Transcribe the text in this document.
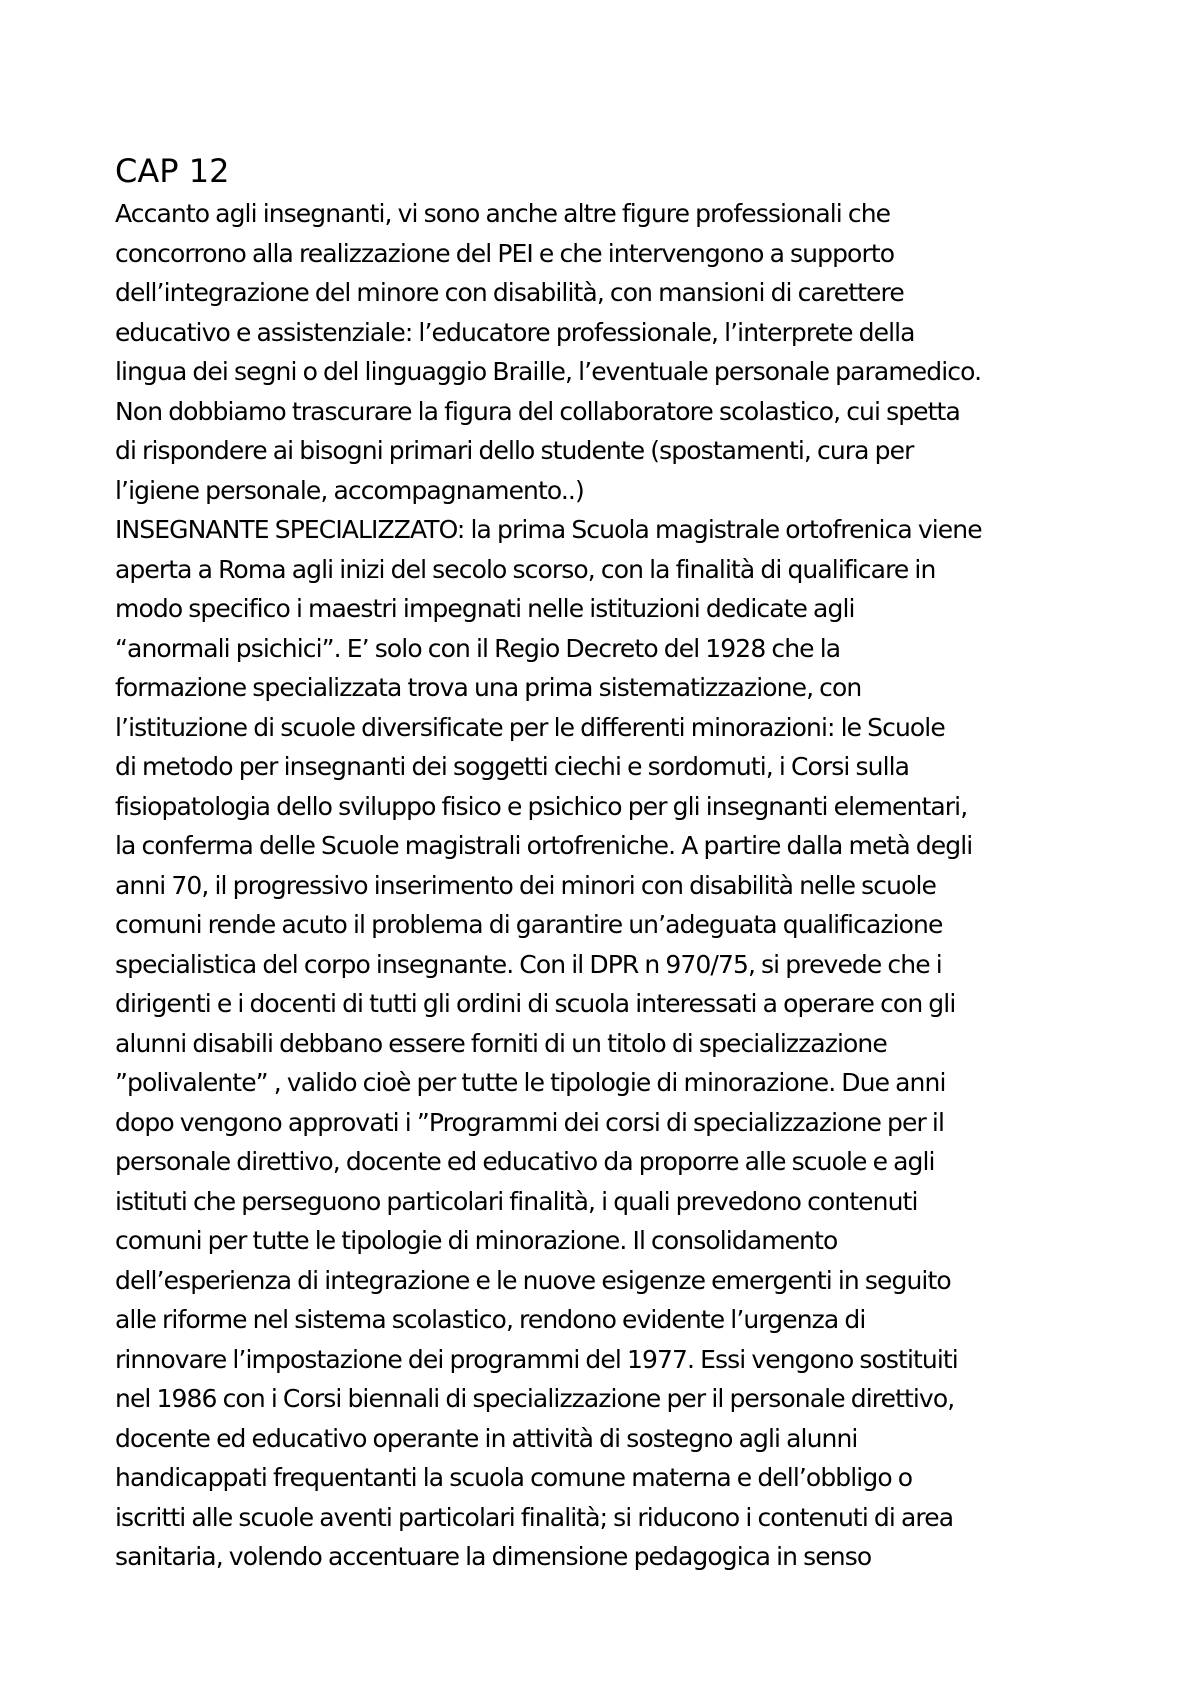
CAP 12
Accanto agli insegnanti, vi sono anche altre figure professionali che
concorrono alla realizzazione del PEI e che intervengono a supporto
dell’integrazione del minore con disabilità, con mansioni di carettere
educativo e assistenziale: l’educatore professionale, l’interprete della
lingua dei segni o del linguaggio Braille, l’eventuale personale paramedico.
Non dobbiamo trascurare la figura del collaboratore scolastico, cui spetta
di rispondere ai bisogni primari dello studente (spostamenti, cura per
l’igiene personale, accompagnamento..)
INSEGNANTE SPECIALIZZATO: la prima Scuola magistrale ortofrenica viene
aperta a Roma agli inizi del secolo scorso, con la finalità di qualificare in
modo specifico i maestri impegnati nelle istituzioni dedicate agli
“anormali psichici”. E’ solo con il Regio Decreto del 1928 che la
formazione specializzata trova una prima sistematizzazione, con
l’istituzione di scuole diversificate per le differenti minorazioni: le Scuole
di metodo per insegnanti dei soggetti ciechi e sordomuti, i Corsi sulla
fisiopatologia dello sviluppo fisico e psichico per gli insegnanti elementari,
la conferma delle Scuole magistrali ortofreniche. A partire dalla metà degli
anni 70, il progressivo inserimento dei minori con disabilità nelle scuole
comuni rende acuto il problema di garantire un’adeguata qualificazione
specialistica del corpo insegnante. Con il DPR n 970/75, si prevede che i
dirigenti e i docenti di tutti gli ordini di scuola interessati a operare con gli
alunni disabili debbano essere forniti di un titolo di specializzazione
”polivalente” , valido cioè per tutte le tipologie di minorazione. Due anni
dopo vengono approvati i ”Programmi dei corsi di specializzazione per il
personale direttivo, docente ed educativo da proporre alle scuole e agli
istituti che perseguono particolari finalità, i quali prevedono contenuti
comuni per tutte le tipologie di minorazione. Il consolidamento
dell’esperienza di integrazione e le nuove esigenze emergenti in seguito
alle riforme nel sistema scolastico, rendono evidente l’urgenza di
rinnovare l’impostazione dei programmi del 1977. Essi vengono sostituiti
nel 1986 con i Corsi biennali di specializzazione per il personale direttivo,
docente ed educativo operante in attività di sostegno agli alunni
handicappati frequentanti la scuola comune materna e dell’obbligo o
iscritti alle scuole aventi particolari finalità; si riducono i contenuti di area
sanitaria, volendo accentuare la dimensione pedagogica in senso
